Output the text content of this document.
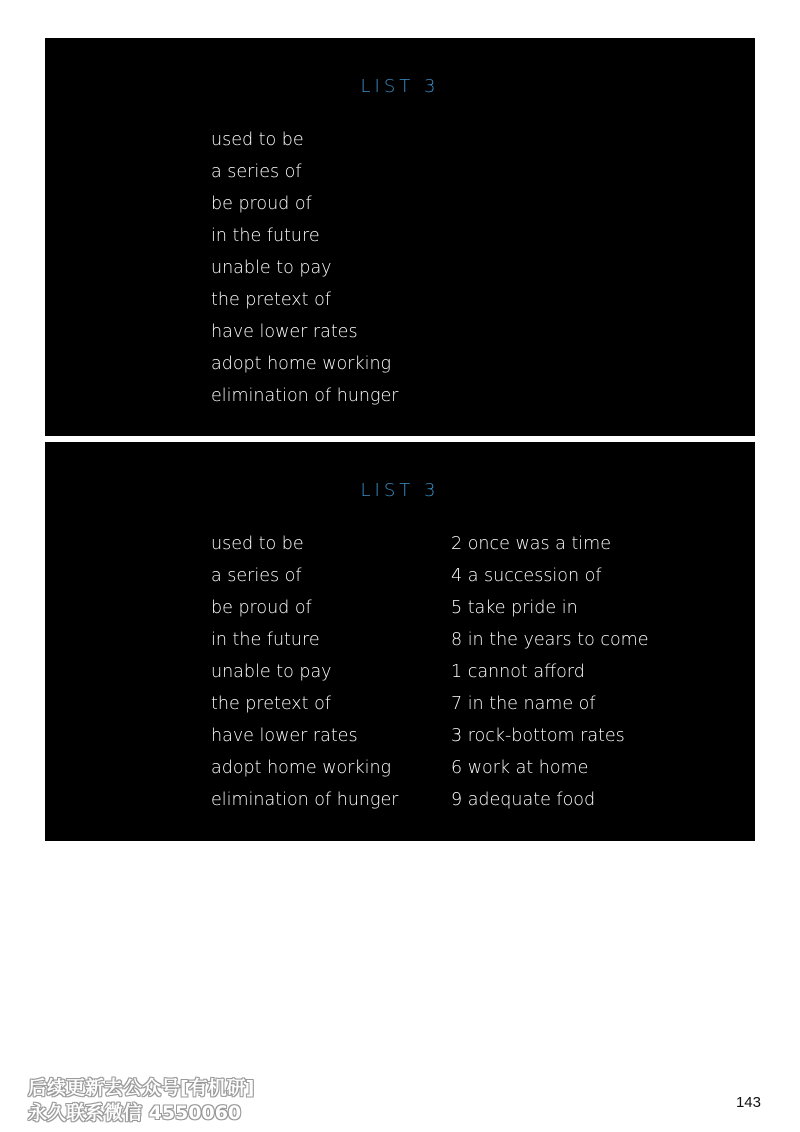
LIST 3
used to be
a series of
be proud of
in the future
unable to pay
the pretext of
have lower rates
adopt home working
elimination of hunger
LIST 3
used to be
a series of
be proud of
in the future
unable to pay
the pretext of
have lower rates
adopt home working
elimination of hunger
2 once was a time
4 a succession of
5 take pride in
8 in the years to come
1 cannot afford
7 in the name of
3 rock-bottom rates
6 work at home
9 adequate food
后续更新去公众号[有机研]
永久联系微信 4550060	143
